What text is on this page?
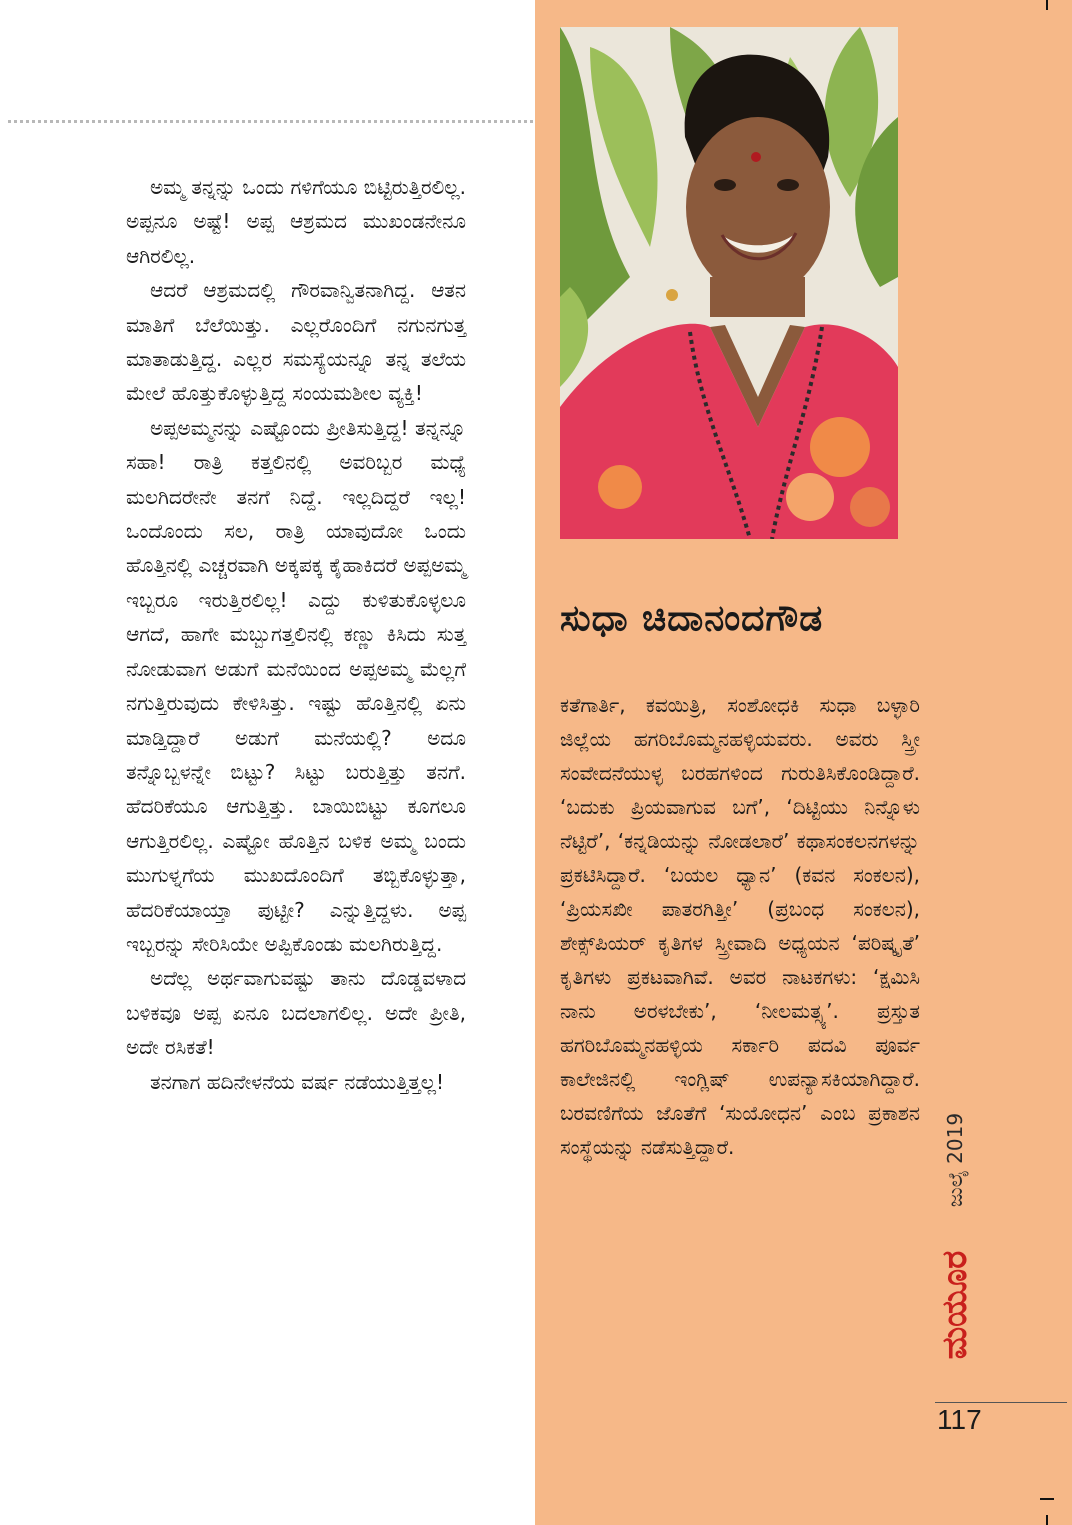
ಅಮ್ಮ ತನ್ನನ್ನು ಒಂದು ಗಳಿಗೆಯೂ ಬಿಟ್ಟಿರುತ್ತಿರಲಿಲ್ಲ. ಅಪ್ಪನೂ ಅಷ್ಟೆ! ಅಪ್ಪ ಆಶ್ರಮದ ಮುಖಂಡನೇನೂ ಆಗಿರಲಿಲ್ಲ.

ಆದರೆ ಆಶ್ರಮದಲ್ಲಿ ಗೌರವಾನ್ವಿತನಾಗಿದ್ದ. ಆತನ ಮಾತಿಗೆ ಬೆಲೆಯಿತ್ತು. ಎಲ್ಲರೊಂದಿಗೆ ನಗುನಗುತ್ತ ಮಾತಾಡುತ್ತಿದ್ದ. ಎಲ್ಲರ ಸಮಸ್ಯೆಯನ್ನೂ ತನ್ನ ತಲೆಯ ಮೇಲೆ ಹೊತ್ತುಕೊಳ್ಳುತ್ತಿದ್ದ ಸಂಯಮಶೀಲ ವ್ಯಕ್ತಿ!

ಅಪ್ಪಅಮ್ಮನನ್ನು ಎಷ್ಟೊಂದು ಪ್ರೀತಿಸುತ್ತಿದ್ದ! ತನ್ನನ್ನೂ ಸಹಾ! ರಾತ್ರಿ ಕತ್ತಲಿನಲ್ಲಿ ಅವರಿಬ್ಬರ ಮಧ್ಯೆ ಮಲಗಿದರೇನೇ ತನಗೆ ನಿದ್ದೆ. ಇಲ್ಲದಿದ್ದರೆ ಇಲ್ಲ! ಒಂದೊಂದು ಸಲ, ರಾತ್ರಿ ಯಾವುದೋ ಒಂದು ಹೊತ್ತಿನಲ್ಲಿ ಎಚ್ಚರವಾಗಿ ಅಕ್ಕಪಕ್ಕ ಕೈಹಾಕಿದರೆ ಅಪ್ಪಅಮ್ಮ ಇಬ್ಬರೂ ಇರುತ್ತಿರಲಿಲ್ಲ! ಎದ್ದು ಕುಳಿತುಕೊಳ್ಳಲೂ ಆಗದೆ, ಹಾಗೇ ಮಬ್ಬುಗತ್ತಲಿನಲ್ಲಿ ಕಣ್ಣು ಕಿಸಿದು ಸುತ್ತ ನೋಡುವಾಗ ಅಡುಗೆ ಮನೆಯಿಂದ ಅಪ್ಪಅಮ್ಮ ಮೆಲ್ಲಗೆ ನಗುತ್ತಿರುವುದು ಕೇಳಿಸಿತ್ತು. ಇಷ್ಟು ಹೊತ್ತಿನಲ್ಲಿ ಏನು ಮಾಡ್ತಿದ್ದಾರೆ ಅಡುಗೆ ಮನೆಯಲ್ಲಿ? ಅದೂ ತನ್ನೊಬ್ಬಳನ್ನೇ ಬಿಟ್ಟು? ಸಿಟ್ಟು ಬರುತ್ತಿತ್ತು ತನಗೆ. ಹೆದರಿಕೆಯೂ ಆಗುತ್ತಿತ್ತು. ಬಾಯಿಬಿಟ್ಟು ಕೂಗಲೂ ಆಗುತ್ತಿರಲಿಲ್ಲ. ಎಷ್ಟೋ ಹೊತ್ತಿನ ಬಳಿಕ ಅಮ್ಮ ಬಂದು ಮುಗುಳ್ನಗೆಯ ಮುಖದೊಂದಿಗೆ ತಬ್ಬಿಕೊಳ್ಳುತ್ತಾ, ಹೆದರಿಕೆಯಾಯ್ತಾ ಪುಟ್ಟೀ? ಎನ್ನುತ್ತಿದ್ದಳು. ಅಪ್ಪ ಇಬ್ಬರನ್ನು ಸೇರಿಸಿಯೇ ಅಪ್ಪಿಕೊಂಡು ಮಲಗಿರುತ್ತಿದ್ದ.

ಅದೆಲ್ಲ ಅರ್ಥವಾಗುವಷ್ಟು ತಾನು ದೊಡ್ಡವಳಾದ ಬಳಿಕವೂ ಅಪ್ಪ ಏನೂ ಬದಲಾಗಲಿಲ್ಲ. ಅದೇ ಪ್ರೀತಿ, ಅದೇ ರಸಿಕತೆ!

ತನಗಾಗ ಹದಿನೇಳನೆಯ ವರ್ಷ ನಡೆಯುತ್ತಿತ್ತಲ್ಲ!

ಸುಧಾ ಚಿದಾನಂದಗೌಡ

ಕತೆಗಾರ್ತಿ, ಕವಯಿತ್ರಿ, ಸಂಶೋಧಕಿ ಸುಧಾ ಬಳ್ಳಾರಿ ಜಿಲ್ಲೆಯ ಹಗರಿಬೊಮ್ಮನಹಳ್ಳಿಯವರು. ಅವರು ಸ್ತ್ರೀ ಸಂವೇದನೆಯುಳ್ಳ ಬರಹಗಳಿಂದ ಗುರುತಿಸಿಕೊಂಡಿದ್ದಾರೆ. ‘ಬದುಕು ಪ್ರಿಯವಾಗುವ ಬಗೆ’, ‘ದಿಟ್ಟಿಯು ನಿನ್ನೊಳು ನೆಟ್ಟಿರೆ’, ‘ಕನ್ನಡಿಯನ್ನು ನೋಡಲಾರೆ’ ಕಥಾಸಂಕಲನಗಳನ್ನು ಪ್ರಕಟಿಸಿದ್ದಾರೆ. ‘ಬಯಲ ಧ್ಯಾನ’ (ಕವನ ಸಂಕಲನ), ‘ಪ್ರಿಯಸಖೀ ಪಾತರಗಿತ್ತೀ’ (ಪ್ರಬಂಧ ಸಂಕಲನ), ಶೇಕ್ಸ್‌ಪಿಯರ್ ಕೃತಿಗಳ ಸ್ತ್ರೀವಾದಿ ಅಧ್ಯಯನ ‘ಪರಿಷ್ಕೃತೆ’ ಕೃತಿಗಳು ಪ್ರಕಟವಾಗಿವೆ. ಅವರ ನಾಟಕಗಳು: ‘ಕ್ಷಮಿಸಿ ನಾನು ಅರಳಬೇಕು’, ‘ನೀಲಮತ್ಸ್ಯ’. ಪ್ರಸ್ತುತ ಹಗರಿಬೊಮ್ಮನಹಳ್ಳಿಯ ಸರ್ಕಾರಿ ಪದವಿ ಪೂರ್ವ ಕಾಲೇಜಿನಲ್ಲಿ ಇಂಗ್ಲಿಷ್ ಉಪನ್ಯಾಸಕಿಯಾಗಿದ್ದಾರೆ. ಬರವಣಿಗೆಯ ಜೊತೆಗೆ ‘ಸುಯೋಧನ’ ಎಂಬ ಪ್ರಕಾಶನ ಸಂಸ್ಥೆಯನ್ನು ನಡೆಸುತ್ತಿದ್ದಾರೆ.	ಜುಲೈ 2019
ಮಯೂರ
117
